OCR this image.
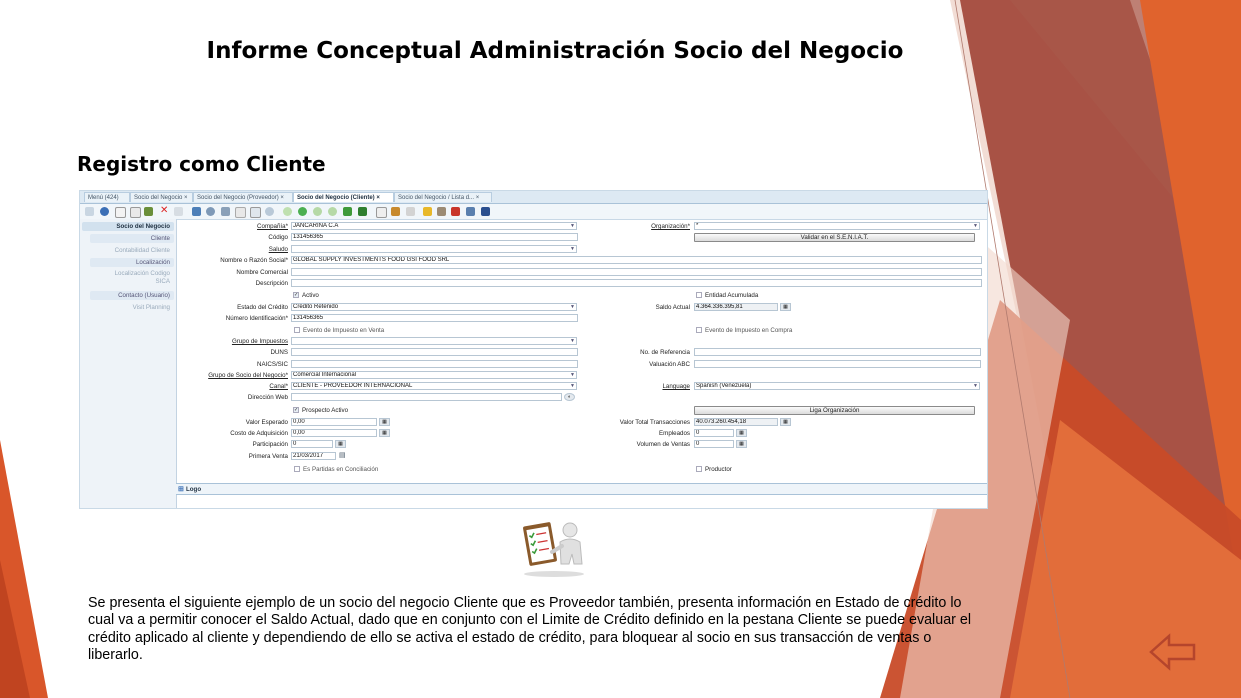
Informe Conceptual Administración Socio del Negocio
Registro como Cliente
Menú (424)	Socio del Negocio ×	Socio del Negocio (Proveedor) ×	Socio del Negocio (Cliente) ×	Socio del Negocio / Lista d... ×
✕
Socio del Negocio
Cliente
Contabilidad Cliente
Localización
Localización Codigo
SICA
Contacto (Usuario)
Visit Planning
Compañía* JANCARINA C.A	▼
Código 131456365
Saludo	▼
Nombre o Razón Social* GLOBAL SUPPLY INVESTMENTS FOOD GSI FOOD SRL
Nombre Comercial
Descripción
✓ Activo
Estado del Crédito Crédito Retenido	▼
Número Identificación* 131456365
Evento de Impuesto en Venta
Grupo de Impuestos	▼
DUNS
NAICS/SIC
Grupo de Socio del Negocio* Comercial Internacional	▼
Canal* CLIENTE - PROVEEDOR INTERNACIONAL	▼
Dirección Web	◐
✓ Prospecto Activo
Valor Esperado 0,00	▦
Costo de Adquisición 0,00	▦
Participación 0	▦
Primera Venta 21/03/2017	▤
Es Partidas en Conciliación
Organización*	*	▼
Validar en el S.E.N.I.A.T.
Entidad Acumulada
Saldo Actual	4.364.336.395,81	▦
Evento de Impuesto en Compra
No. de Referencia
Valuación ABC
Language	Spanish (Venezuela)	▼
Liga Organización
Valor Total Transacciones	40.073.260.454,18	▦
Empleados	0	▦
Volumen de Ventas	0	▦
Productor
⊞ Logo
Se presenta el siguiente ejemplo de un socio del negocio Cliente que es Proveedor también, presenta información en Estado de crédito lo cual va a permitir conocer el Saldo Actual, dado que en conjunto con el Limite de Crédito definido en la pestana Cliente se puede evaluar el crédito aplicado al cliente y dependiendo de ello se activa el estado de crédito, para bloquear al socio en sus transacción de ventas o liberarlo.
